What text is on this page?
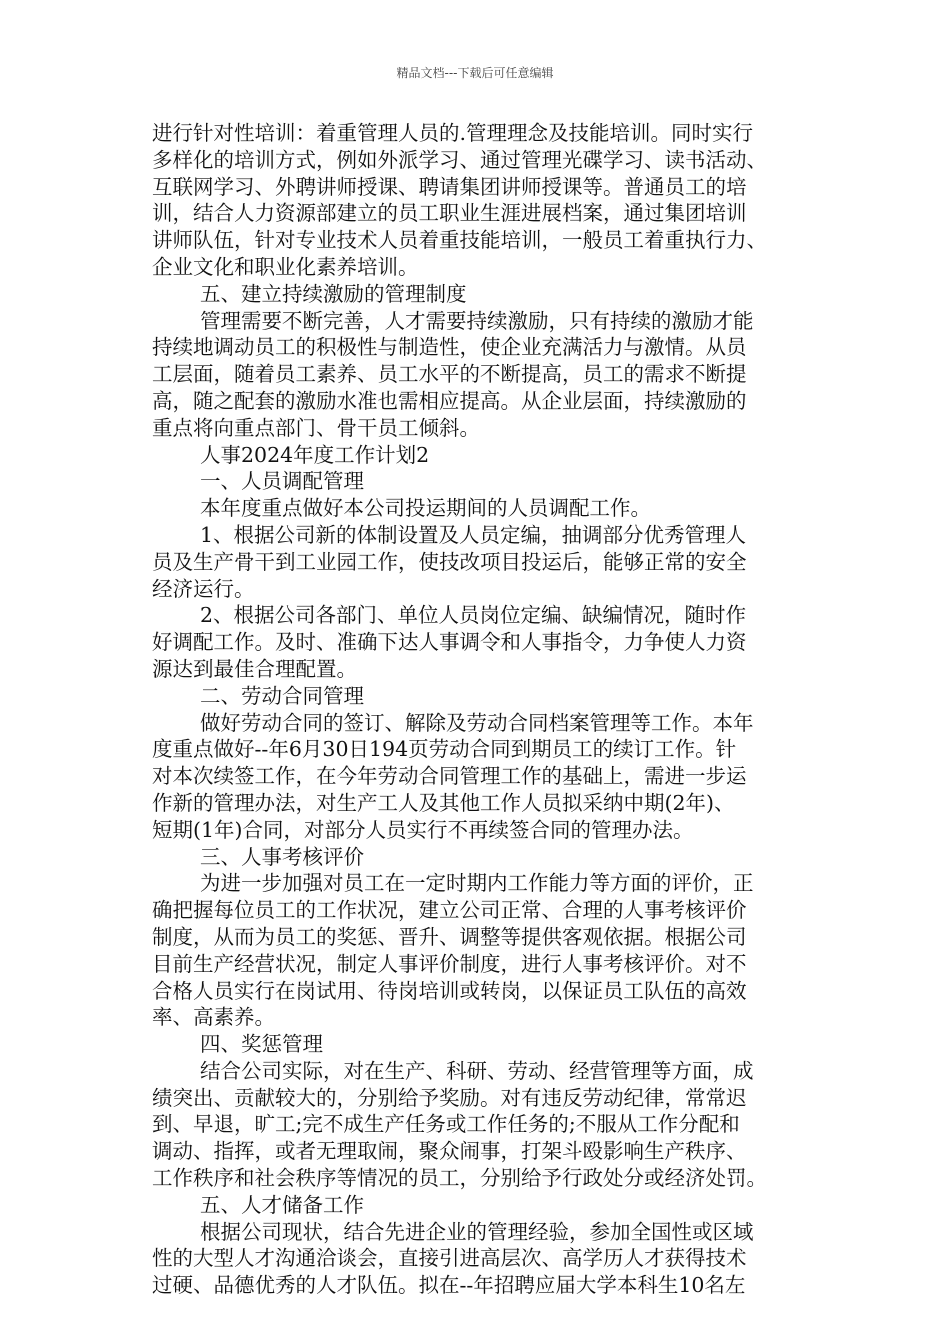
精品文档---下载后可任意编辑
进行针对性培训：着重管理人员的.管理理念及技能培训。同时实行
多样化的培训方式，例如外派学习、通过管理光碟学习、读书活动、
互联网学习、外聘讲师授课、聘请集团讲师授课等。普通员工的培
训，结合人力资源部建立的员工职业生涯进展档案，通过集团培训
讲师队伍，针对专业技术人员着重技能培训，一般员工着重执行力、
企业文化和职业化素养培训。
五、建立持续激励的管理制度
管理需要不断完善，人才需要持续激励，只有持续的激励才能
持续地调动员工的积极性与制造性，使企业充满活力与激情。从员
工层面，随着员工素养、员工水平的不断提高，员工的需求不断提
高，随之配套的激励水准也需相应提高。从企业层面，持续激励的
重点将向重点部门、骨干员工倾斜。
人事2024年度工作计划2
一、人员调配管理
本年度重点做好本公司投运期间的人员调配工作。
1、根据公司新的体制设置及人员定编，抽调部分优秀管理人
员及生产骨干到工业园工作，使技改项目投运后，能够正常的安全
经济运行。
2、根据公司各部门、单位人员岗位定编、缺编情况，随时作
好调配工作。及时、准确下达人事调令和人事指令，力争使人力资
源达到最佳合理配置。
二、劳动合同管理
做好劳动合同的签订、解除及劳动合同档案管理等工作。本年
度重点做好--年6月30日194页劳动合同到期员工的续订工作。针
对本次续签工作，在今年劳动合同管理工作的基础上，需进一步运
作新的管理办法，对生产工人及其他工作人员拟采纳中期(2年)、
短期(1年)合同，对部分人员实行不再续签合同的管理办法。
三、人事考核评价
为进一步加强对员工在一定时期内工作能力等方面的评价，正
确把握每位员工的工作状况，建立公司正常、合理的人事考核评价
制度，从而为员工的奖惩、晋升、调整等提供客观依据。根据公司
目前生产经营状况，制定人事评价制度，进行人事考核评价。对不
合格人员实行在岗试用、待岗培训或转岗，以保证员工队伍的高效
率、高素养。
四、奖惩管理
结合公司实际，对在生产、科研、劳动、经营管理等方面，成
绩突出、贡献较大的，分别给予奖励。对有违反劳动纪律，常常迟
到、早退，旷工;完不成生产任务或工作任务的;不服从工作分配和
调动、指挥，或者无理取闹，聚众闹事，打架斗殴影响生产秩序、
工作秩序和社会秩序等情况的员工，分别给予行政处分或经济处罚。
五、人才储备工作
根据公司现状，结合先进企业的管理经验，参加全国性或区域
性的大型人才沟通洽谈会，直接引进高层次、高学历人才获得技术
过硬、品德优秀的人才队伍。拟在--年招聘应届大学本科生10名左
